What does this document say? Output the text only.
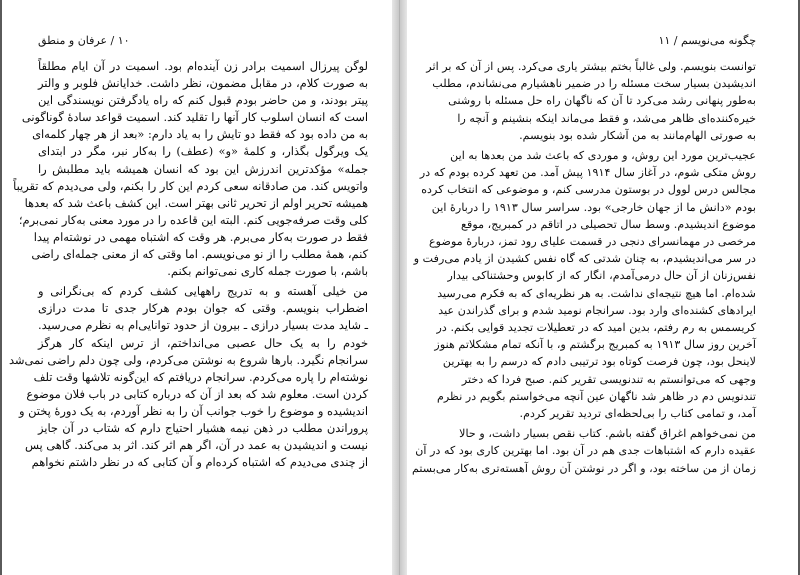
۱۰ / عرفان و منطق
لوگن پیرزال اسمیت برادر زن آینده‌ام بود. اسمیت در آن ایام مطلقاً
به صورت کلام، در مقابل مضمون، نظر داشت. خدایانش فلوبر و والتر
پیتر بودند، و من حاضر بودم قبول کنم که راه یادگرفتن نویسندگی این
است که انسان اسلوب کار آنها را تقلید کند. اسمیت قواعد سادهٔ گوناگونی
به من داده بود که فقط دو تایش را به یاد دارم: «بعد از هر چهار کلمه‌ای
یک ویرگول بگذار، و کلمهٔ «و» (عطف) را به‌کار نبر، مگر در ابتدای
جمله» مؤکدترین اندرزش این بود که انسان همیشه باید مطلبش را
واتویس کند. من صادقانه سعی کردم این کار را بکنم، ولی می‌دیدم که تقریباً
همیشه تحریر اولم از تحریر ثانی بهتر است. این کشف باعث شد که بعدها
کلی وقت صرفه‌جویی کنم. البته این قاعده را در مورد معنی به‌کار نمی‌برم؛
فقط در صورت به‌کار می‌برم. هر وقت که اشتباه مهمی در نوشته‌ام پیدا
کنم، همهٔ مطلب را از نو می‌نویسم. اما وقتی که از معنی جمله‌ای راضی
باشم، با صورت جمله کاری نمی‌توانم بکنم.
من خیلی آهسته و به تدریج راههایی کشف کردم که بی‌نگرانی و
اضطراب بنویسم. وقتی که جوان بودم هرکار جدی تا مدت درازی
ـ شاید مدت بسیار درازی ـ بیرون از حدود توانایی‌ام به نظرم می‌رسید.
خودم را به یک حال عصبی می‌انداختم، از ترس اینکه کار هرگز
سرانجام نگیرد. بارها شروع به نوشتن می‌کردم، ولی چون دلم راضی نمی‌شد
نوشته‌ام را پاره می‌کردم. سرانجام دریافتم که این‌گونه تلاشها وقت تلف
کردن است. معلوم شد که بعد از آن که درباره کتابی در باب فلان موضوع
اندیشیده و موضوع را خوب جوانب آن را به نظر آوردم، به یک دورهٔ پختن و
پروراندن مطلب در ذهن نیمه هشیار احتیاج دارم که شتاب در آن جایز
نیست و اندیشیدن به عمد در آن، اگر هم اثر کند. اثر بد می‌کند. گاهی پس
از چندی می‌دیدم که اشتباه کرده‌ام و آن کتابی که در نظر داشتم نخواهم
چگونه می‌نویسم / ۱۱
توانست بنویسم. ولی غالباً بختم بیشتر یاری می‌کرد. پس از آن که بر اثر
اندیشیدن بسیار سخت مسئله را در ضمیر ناهشیارم می‌نشاندم، مطلب
به‌طور پنهانی رشد می‌کرد تا آن که ناگهان راه حل مسئله با روشنی
خیره‌کننده‌ای ظاهر می‌شد، و فقط می‌ماند اینکه بنشینم و آنچه را
به صورتی الهام‌مانند به من آشکار شده بود بنویسم.
عجیب‌ترین مورد این روش، و موردی که باعث شد من بعدها به این
روش متکی شوم، در آغاز سال ۱۹۱۴ پیش آمد. من تعهد کرده بودم که در
مجالس درس لوول در بوستون مدرسی کنم، و موضوعی که انتخاب کرده
بودم «دانش ما از جهان خارجی» بود. سراسر سال ۱۹۱۳ را دربارهٔ این
موضوع اندیشیدم. وسط سال تحصیلی در اتاقم در کمبریج، موقع
مرخصی در مهمانسرای دنجی در قسمت علیای رود تمز، دربارهٔ موضوع
در سر می‌اندیشیدم، به چنان شدتی که گاه نفس کشیدن از یادم می‌رفت و
نفس‌زنان از آن حال درمی‌آمدم، انگار که از کابوس وحشتناکی بیدار
شده‌ام. اما هیچ نتیجه‌ای نداشت. به هر نظریه‌ای که به فکرم می‌رسید
ایرادهای کشنده‌ای وارد بود. سرانجام نومید شدم و برای گذراندن عید
کریسمس به رم رفتم، بدین امید که در تعطیلات تجدید قوایی بکنم. در
آخرین روز سال ۱۹۱۳ به کمبریج برگشتم و، با آنکه تمام مشکلاتم هنوز
لاینحل بود، چون فرصت کوتاه بود ترتیبی دادم که درسم را به بهترین
وجهی که می‌توانستم به تندنویسی تقریر کنم. صبح فردا که دختر
تندنویس دم در ظاهر شد ناگهان عین آنچه می‌خواستم بگویم در نظرم
آمد، و تمامی کتاب را بی‌لحظه‌ای تردید تقریر کردم.
من نمی‌خواهم اغراق گفته باشم. کتاب نقص بسیار داشت، و حالا
عقیده دارم که اشتباهات جدی هم در آن بود. اما بهترین کاری بود که در آن
زمان از من ساخته بود، و اگر در نوشتن آن روش آهسته‌تری به‌کار می‌بستم
